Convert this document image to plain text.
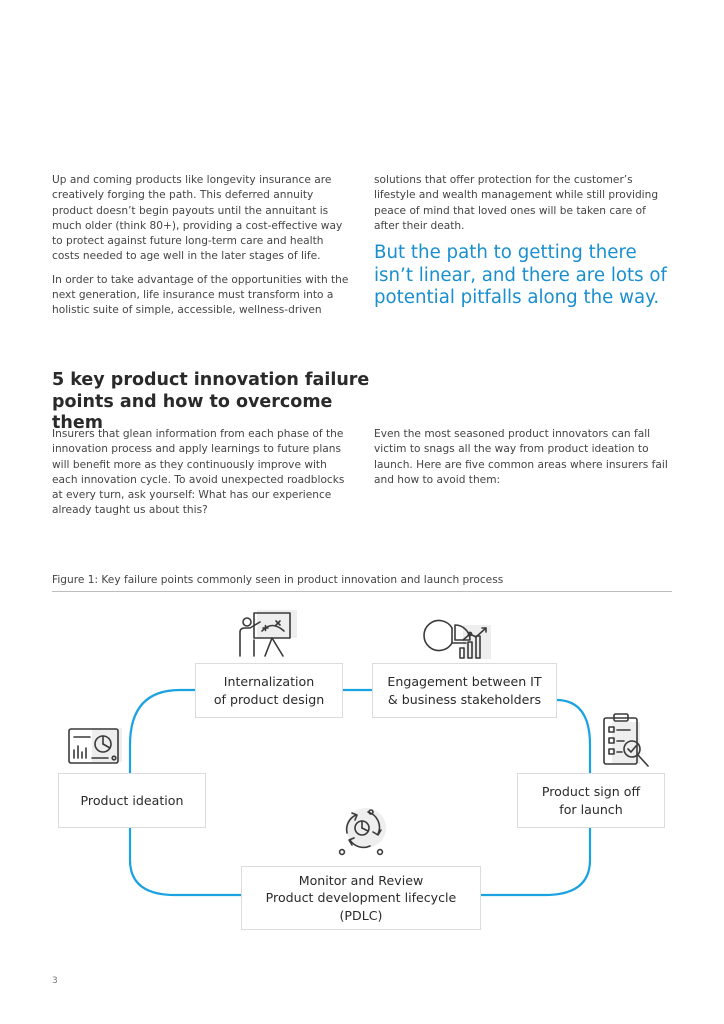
Up and coming products like longevity insurance are creatively forging the path. This deferred annuity product doesn’t begin payouts until the annuitant is much older (think 80+), providing a cost-effective way to protect against future long-term care and health costs needed to age well in the later stages of life.

In order to take advantage of the opportunities with the next generation, life insurance must transform into a holistic suite of simple, accessible, wellness-driven

solutions that offer protection for the customer’s lifestyle and wealth management while still providing peace of mind that loved ones will be taken care of after their death.

But the path to getting there isn’t linear, and there are lots of potential pitfalls along the way.
5 key product innovation failure points and how to overcome them

Insurers that glean information from each phase of the innovation process and apply learnings to future plans will benefit more as they continuously improve with each innovation cycle. To avoid unexpected roadblocks at every turn, ask yourself: What has our experience already taught us about this?

Even the most seasoned product innovators can fall victim to snags all the way from product ideation to launch. Here are five common areas where insurers fail and how to avoid them:

Figure 1: Key failure points commonly seen in product innovation and launch process
Internalization
of product design
Engagement between IT
& business stakeholders
Product ideation
Product sign off
for launch
Monitor and Review
Product development lifecycle
(PDLC)
3
